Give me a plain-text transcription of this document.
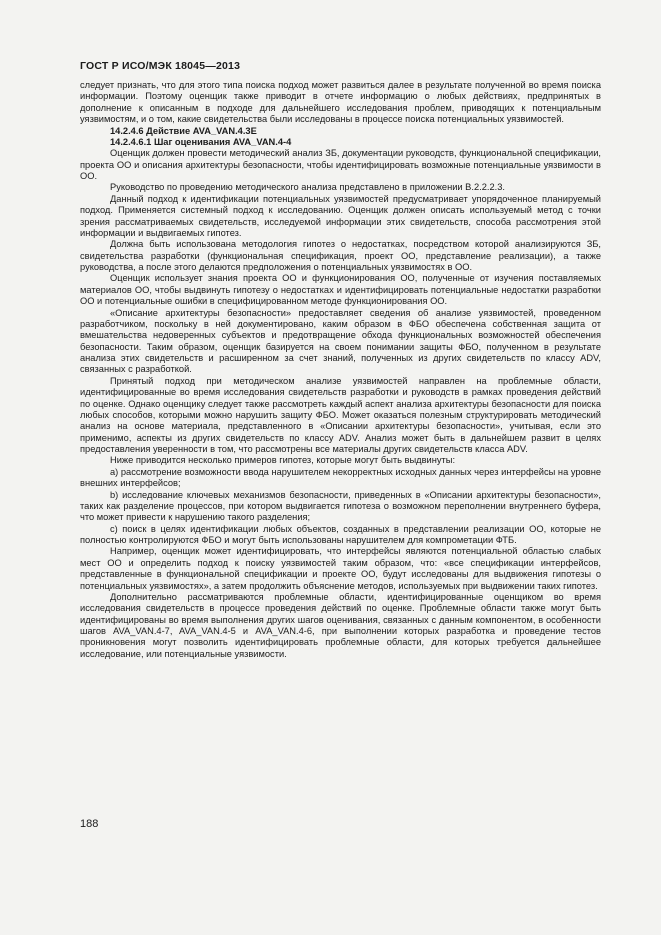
ГОСТ Р ИСО/МЭК 18045—2013

следует признать, что для этого типа поиска подход может развиться далее в результате полученной во время поиска информации. Поэтому оценщик также приводит в отчете информацию о любых действиях, предпринятых в дополнение к описанным в подходе для дальнейшего исследования проблем, приводящих к потенциальным уязвимостям, и о том, какие свидетельства были исследованы в процессе поиска потенциальных уязвимостей.

14.2.4.6 Действие AVA_VAN.4.3Е

14.2.4.6.1 Шаг оценивания AVA_VAN.4-4

Оценщик должен провести методический анализ ЗБ, документации руководств, функциональной спецификации, проекта ОО и описания архитектуры безопасности, чтобы идентифицировать возможные потенциальные уязвимости в ОО.

Руководство по проведению методического анализа представлено в приложении В.2.2.2.3.

Данный подход к идентификации потенциальных уязвимостей предусматривает упорядоченное планируемый подход. Применяется системный подход к исследованию. Оценщик должен описать используемый метод с точки зрения рассматриваемых свидетельств, исследуемой информации этих свидетельств, способа рассмотрения этой информации и выдвигаемых гипотез.

Должна быть использована методология гипотез о недостатках, посредством которой анализируются ЗБ, свидетельства разработки (функциональная спецификация, проект ОО, представление реализации), а также руководства, а после этого делаются предположения о потенциальных уязвимостях в ОО.

Оценщик использует знания проекта ОО и функционирования ОО, полученные от изучения поставляемых материалов ОО, чтобы выдвинуть гипотезу о недостатках и идентифицировать потенциальные недостатки разработки ОО и потенциальные ошибки в специфицированном методе функционирования ОО.

«Описание архитектуры безопасности» предоставляет сведения об анализе уязвимостей, проведенном разработчиком, поскольку в ней документировано, каким образом в ФБО обеспечена собственная защита от вмешательства недоверенных субъектов и предотвращение обхода функциональных возможностей обеспечения безопасности. Таким образом, оценщик базируется на своем понимании защиты ФБО, полученном в результате анализа этих свидетельств и расширенном за счет знаний, полученных из других свидетельств по классу ADV, связанных с разработкой.

Принятый подход при методическом анализе уязвимостей направлен на проблемные области, идентифицированные во время исследования свидетельств разработки и руководств в рамках проведения действий по оценке. Однако оценщику следует также рассмотреть каждый аспект анализа архитектуры безопасности для поиска любых способов, которыми можно нарушить защиту ФБО. Может оказаться полезным структурировать методический анализ на основе материала, представленного в «Описании архитектуры безопасности», учитывая, если это применимо, аспекты из других свидетельств по классу ADV. Анализ может быть в дальнейшем развит в целях предоставления уверенности в том, что рассмотрены все материалы других свидетельств класса ADV.

Ниже приводится несколько примеров гипотез, которые могут быть выдвинуты:

а) рассмотрение возможности ввода нарушителем некорректных исходных данных через интерфейсы на уровне внешних интерфейсов;

b) исследование ключевых механизмов безопасности, приведенных в «Описании архитектуры безопасности», таких как разделение процессов, при котором выдвигается гипотеза о возможном переполнении внутреннего буфера, что может привести к нарушению такого разделения;

с) поиск в целях идентификации любых объектов, созданных в представлении реализации ОО, которые не полностью контролируются ФБО и могут быть использованы нарушителем для компрометации ФТБ.

Например, оценщик может идентифицировать, что интерфейсы являются потенциальной областью слабых мест ОО и определить подход к поиску уязвимостей таким образом, что: «все спецификации интерфейсов, представленные в функциональной спецификации и проекте ОО, будут исследованы для выдвижения гипотезы о потенциальных уязвимостях», а затем продолжить объяснение методов, используемых при выдвижении таких гипотез.

Дополнительно рассматриваются проблемные области, идентифицированные оценщиком во время исследования свидетельств в процессе проведения действий по оценке. Проблемные области также могут быть идентифицированы во время выполнения других шагов оценивания, связанных с данным компонентом, в особенности шагов AVA_VAN.4-7, AVA_VAN.4-5 и AVA_VAN.4-6, при выполнении которых разработка и проведение тестов проникновения могут позволить идентифицировать проблемные области, для которых требуется дальнейшее исследование, или потенциальные уязвимости.

188
